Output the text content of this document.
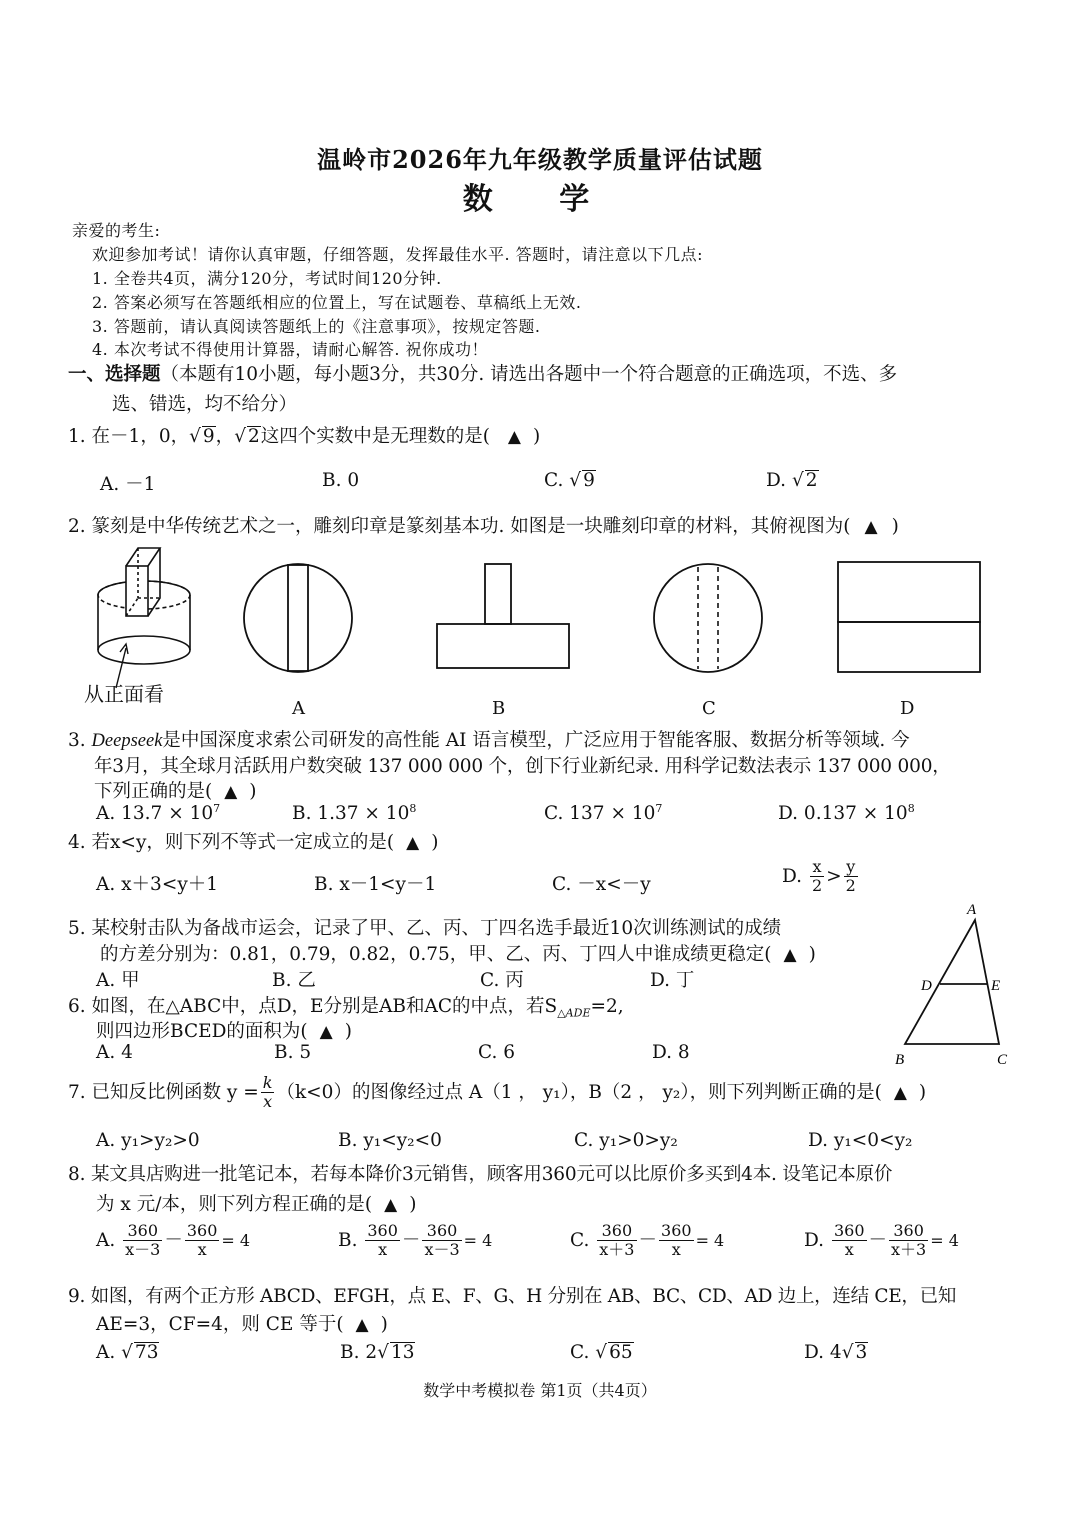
温岭市2026年九年级教学质量评估试题
数 学
亲爱的考生:
欢迎参加考试！请你认真审题，仔细答题，发挥最佳水平. 答题时，请注意以下几点:
1. 全卷共4页，满分120分，考试时间120分钟.
2. 答案必须写在答题纸相应的位置上，写在试题卷、草稿纸上无效.
3. 答题前，请认真阅读答题纸上的《注意事项》，按规定答题.
4. 本次考试不得使用计算器，请耐心解答. 祝你成功！
一、选择题（本题有10小题，每小题3分，共30分. 请选出各题中一个符合题意的正确选项，不选、多
选、错选，均不给分）
1. 在－1，0，√ 9，√ 2这四个实数中是无理数的是( ▲ )
A. －1	B. 0	C. √ 9	D. √ 2
2. 篆刻是中华传统艺术之一，雕刻印章是篆刻基本功. 如图是一块雕刻印章的材料，其俯视图为( ▲ )
从正面看
A	B	C	D
3. Deepseek是中国深度求索公司研发的高性能 AI 语言模型，广泛应用于智能客服、数据分析等领域. 今
年3月，其全球月活跃用户数突破 137 000 000 个，创下行业新纪录. 用科学记数法表示 137 000 000，
下列正确的是( ▲ )
A. $13.7 \times 10^7$	B. $1.37 \times 10^8$	C. $137 \times 10^7$	D. $0.137 \times 10^8$
4. 若x<y，则下列不等式一定成立的是( ▲ )
A. x＋3<y＋1	B. x－1<y－1	C. －x<－y	D. $\frac{x}{2} > \frac{y}{2}$
5. 某校射击队为备战市运会，记录了甲、乙、丙、丁四名选手最近10次训练测试的成绩
的方差分别为：0.81，0.79，0.82，0.75，甲、乙、丙、丁四人中谁成绩更稳定( ▲ )
A. 甲	B. 乙	C. 丙	D. 丁
6. 如图，在△ABC中，点D，E分别是AB和AC的中点，若$S_{\triangle ADE}=2$,
则四边形BCED的面积为( ▲ )
A. 4	B. 5	C. 6	D. 8
A
D	E
B	C
7. 已知反比例函数 $y = \frac{k}{x} (k<0)$的图像经过点 A（1 ， y₁），B（2 ， y₂），则下列判断正确的是( ▲ )
A. y₁>y₂>0	B. y₁<y₂<0	C. y₁>0>y₂	D. y₁<0<y₂
8. 某文具店购进一批笔记本，若每本降价3元销售，顾客用360元可以比原价多买到4本. 设笔记本原价
为 x 元/本，则下列方程正确的是( ▲ )
A. $\frac{360}{x-3} - \frac{360}{x} = 4$	B. $\frac{360}{x} - \frac{360}{x-3} = 4$	C. $\frac{360}{x+3} - \frac{360}{x} = 4$	D. $\frac{360}{x} - \frac{360}{x+3} = 4$
9. 如图，有两个正方形 ABCD、EFGH，点 E、F、G、H 分别在 AB、BC、CD、AD 边上，连结 CE，已知
AE=3，CF=4，则 CE 等于( ▲ )
A. √ 73	B. 2√ 13	C. √ 65	D. 4√ 3
数学中考模拟卷 第1页（共4页）
